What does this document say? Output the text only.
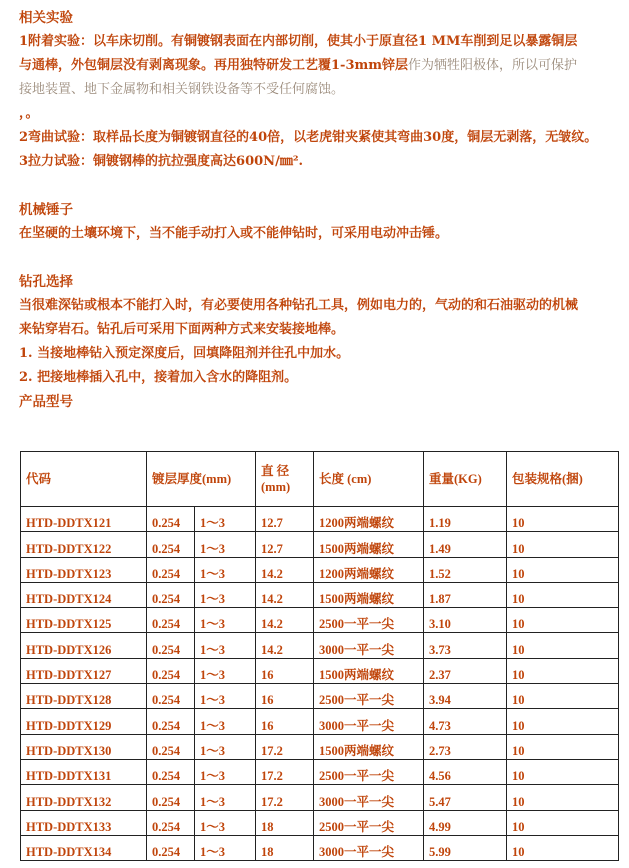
相关实验
1附着实验：以车床切削。有铜镀钢表面在内部切削，使其小于原直径1 MM车削到足以暴露铜层
与通棒，外包铜层没有剥离现象。再用独特研发工艺覆1-3mm锌层作为牺牲阳极体，所以可保护
接地装置、地下金属物和相关钢铁设备等不受任何腐蚀。
，。
2弯曲试验：取样品长度为铜镀钢直径的40倍，以老虎钳夹紧使其弯曲30度，铜层无剥落，无皱纹。
3拉力试验：铜镀钢棒的抗拉强度高达600N/㎜².
机械锤子
在坚硬的土壤环境下，当不能手动打入或不能伸钻时，可采用电动冲击锤。
钻孔选择
当很难深钻或根本不能打入时，有必要使用各种钻孔工具，例如电力的，气动的和石油驱动的机械
来钻穿岩石。钻孔后可采用下面两种方式来安装接地棒。
1. 当接地棒钻入预定深度后，回填降阻剂并往孔中加水。
2. 把接地棒插入孔中，接着加入含水的降阻剂。
产品型号
代码	镀层厚度(mm)		直 径 (mm)	长度 (cm)	重量(KG)	包装规格(捆)
HTD-DDTX121	0.254	1～3	12.7	1200两端螺纹	1.19	10
HTD-DDTX122	0.254	1～3	12.7	1500两端螺纹	1.49	10
HTD-DDTX123	0.254	1～3	14.2	1200两端螺纹	1.52	10
HTD-DDTX124	0.254	1～3	14.2	1500两端螺纹	1.87	10
HTD-DDTX125	0.254	1～3	14.2	2500一平一尖	3.10	10
HTD-DDTX126	0.254	1～3	14.2	3000一平一尖	3.73	10
HTD-DDTX127	0.254	1～3	16	1500两端螺纹	2.37	10
HTD-DDTX128	0.254	1～3	16	2500一平一尖	3.94	10
HTD-DDTX129	0.254	1～3	16	3000一平一尖	4.73	10
HTD-DDTX130	0.254	1～3	17.2	1500两端螺纹	2.73	10
HTD-DDTX131	0.254	1～3	17.2	2500一平一尖	4.56	10
HTD-DDTX132	0.254	1～3	17.2	3000一平一尖	5.47	10
HTD-DDTX133	0.254	1～3	18	2500一平一尖	4.99	10
HTD-DDTX134	0.254	1～3	18	3000一平一尖	5.99	10
